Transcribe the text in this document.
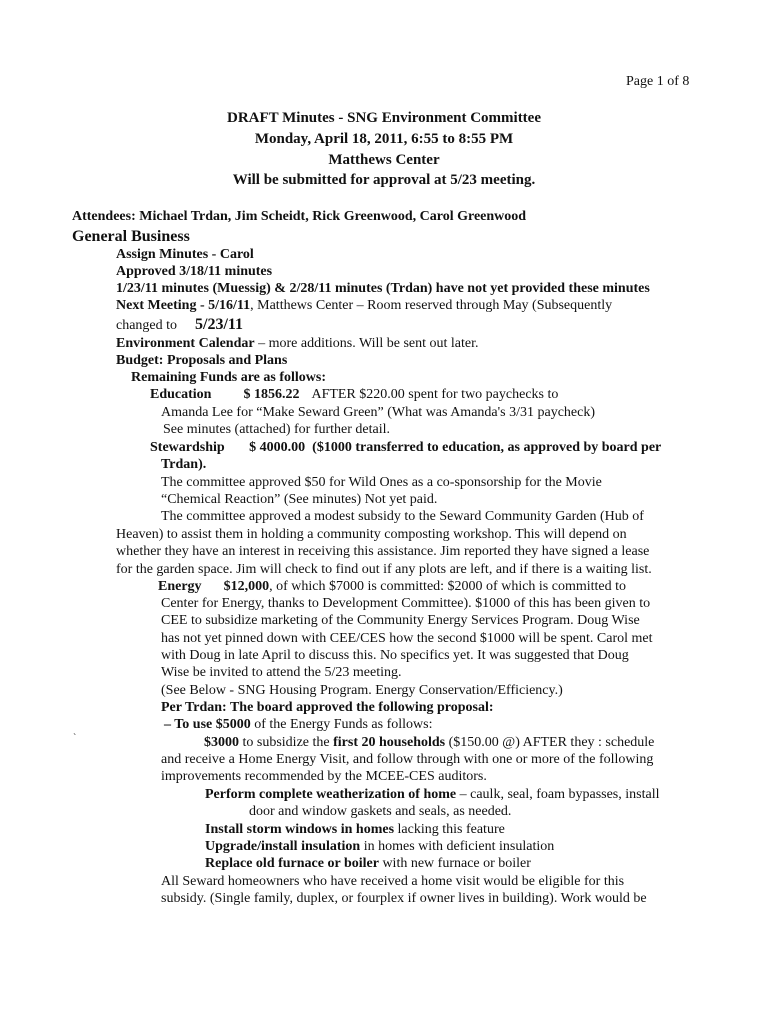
Page 1 of 8
DRAFT Minutes - SNG Environment Committee
Monday, April 18, 2011, 6:55 to 8:55 PM
Matthews Center
Will be submitted for approval at 5/23 meeting.
Attendees: Michael Trdan, Jim Scheidt, Rick Greenwood, Carol Greenwood
General Business
Assign Minutes - Carol
Approved 3/18/11 minutes
1/23/11 minutes (Muessig) & 2/28/11 minutes (Trdan) have not yet provided these minutes
Next Meeting - 5/16/11, Matthews Center – Room reserved through May (Subsequently
changed to 5/23/11
Environment Calendar – more additions. Will be sent out later.
Budget: Proposals and Plans
Remaining Funds are as follows:
Education $ 1856.22 AFTER $220.00 spent for two paychecks to
Amanda Lee for “Make Seward Green” (What was Amanda's 3/31 paycheck)
See minutes (attached) for further detail.
Stewardship       $ 4000.00  ($1000 transferred to education, as approved by board per
Trdan).
The committee approved $50 for Wild Ones as a co-sponsorship for the Movie
“Chemical Reaction” (See minutes) Not yet paid.
The committee approved a modest subsidy to the Seward Community Garden (Hub of
Heaven) to assist them in holding a community composting workshop. This will depend on
whether they have an interest in receiving this assistance. Jim reported they have signed a lease
for the garden space. Jim will check to find out if any plots are left, and if there is a waiting list.
Energy $12,000, of which $7000 is committed: $2000 of which is committed to
Center for Energy, thanks to Development Committee). $1000 of this has been given to
CEE to subsidize marketing of the Community Energy Services Program. Doug Wise
has not yet pinned down with CEE/CES how the second $1000 will be spent. Carol met
with Doug in late April to discuss this. No specifics yet. It was suggested that Doug
Wise be invited to attend the 5/23 meeting.
(See Below - SNG Housing Program. Energy Conservation/Efficiency.)
Per Trdan: The board approved the following proposal:
– To use $5000 of the Energy Funds as follows:
`	$3000 to subsidize the first 20 households ($150.00 @) AFTER they : schedule
and receive a Home Energy Visit, and follow through with one or more of the following
improvements recommended by the MCEE-CES auditors.
Perform complete weatherization of home – caulk, seal, foam bypasses, install
door and window gaskets and seals, as needed.
Install storm windows in homes lacking this feature
Upgrade/install insulation in homes with deficient insulation
Replace old furnace or boiler with new furnace or boiler
All Seward homeowners who have received a home visit would be eligible for this
subsidy. (Single family, duplex, or fourplex if owner lives in building). Work would be
